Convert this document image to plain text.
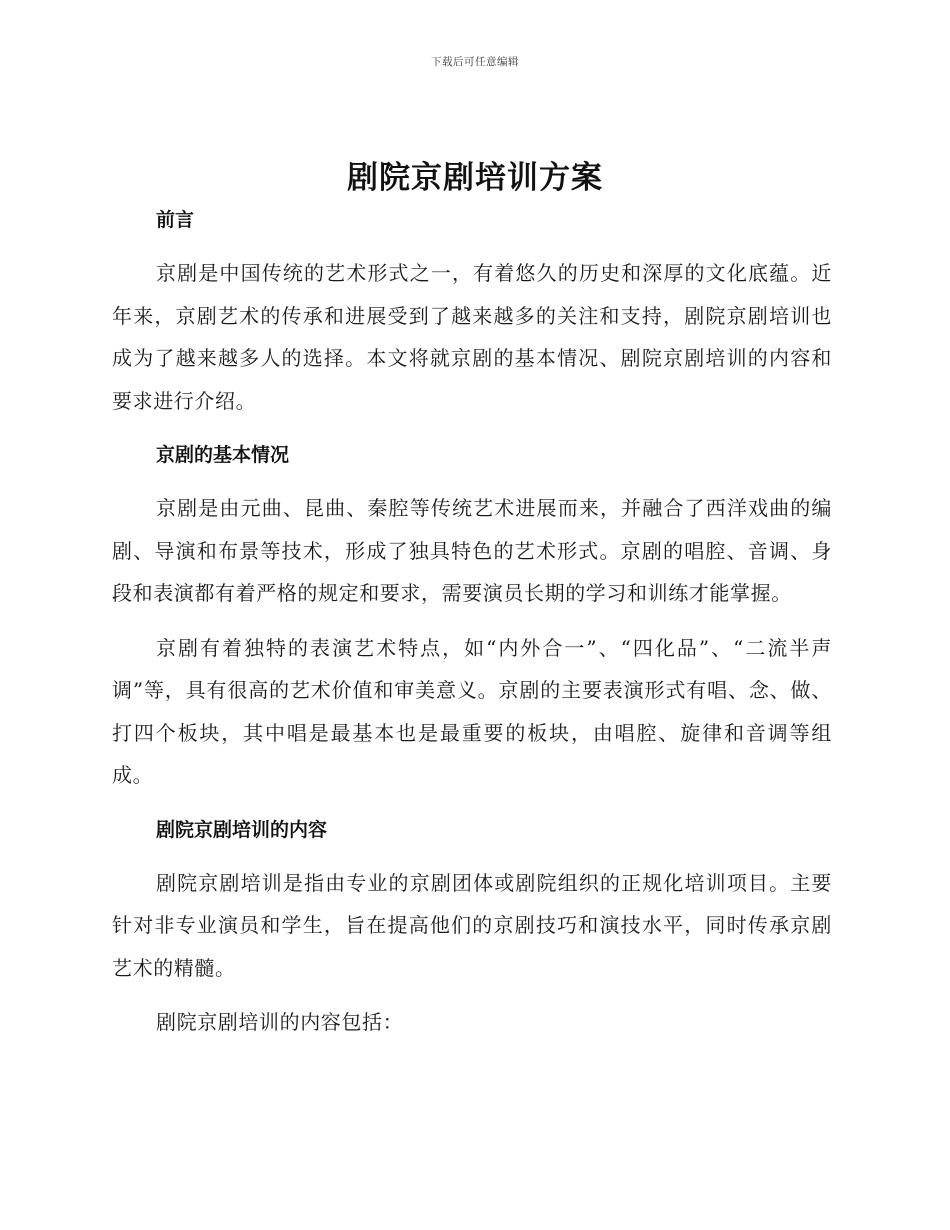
下载后可任意编辑
剧院京剧培训方案
前言

京剧是中国传统的艺术形式之一，有着悠久的历史和深厚的文化底蕴。近年来，京剧艺术的传承和进展受到了越来越多的关注和支持，剧院京剧培训也成为了越来越多人的选择。本文将就京剧的基本情况、剧院京剧培训的内容和要求进行介绍。

京剧的基本情况

京剧是由元曲、昆曲、秦腔等传统艺术进展而来，并融合了西洋戏曲的编剧、导演和布景等技术，形成了独具特色的艺术形式。京剧的唱腔、音调、身段和表演都有着严格的规定和要求，需要演员长期的学习和训练才能掌握。

京剧有着独特的表演艺术特点，如“内外合一”、“四化品”、“二流半声调”等，具有很高的艺术价值和审美意义。京剧的主要表演形式有唱、念、做、打四个板块，其中唱是最基本也是最重要的板块，由唱腔、旋律和音调等组成。

剧院京剧培训的内容

剧院京剧培训是指由专业的京剧团体或剧院组织的正规化培训项目。主要针对非专业演员和学生，旨在提高他们的京剧技巧和演技水平，同时传承京剧艺术的精髓。

剧院京剧培训的内容包括：
